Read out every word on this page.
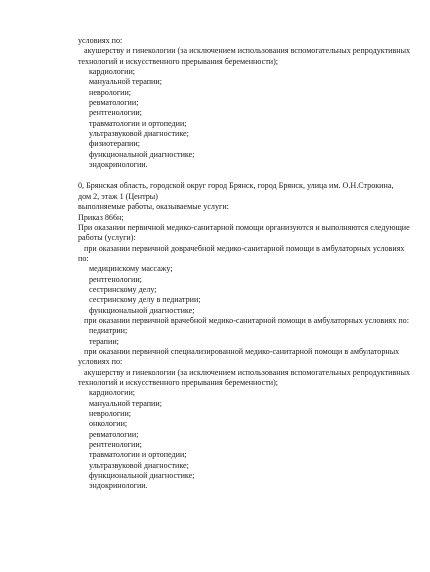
условиях по:
акушерству и гинекологии (за исключением использования вспомогательных репродуктивных
технологий и искусственного прерывания беременности);
кардиологии;
мануальной терапии;
неврологии;
ревматологии;
рентгенологии;
травматологии и ортопедии;
ультразвуковой диагностике;
физиотерапии;
функциональной диагностике;
эндокринологии.
0, Брянская область, городской округ город Брянск, город Брянск, улица им. О.Н.Строкина,
дом 2, этаж 1 (Центры)
выполняемые работы, оказываемые услуги:
Приказ 866н;
При оказании первичной медико-санитарной помощи организуются и выполняются следующие
работы (услуги):
при оказании первичной доврачебной медико-санитарной помощи в амбулаторных условиях
по:
медицинскому массажу;
рентгенологии;
сестринскому делу;
сестринскому делу в педиатрии;
функциональной диагностике;
при оказании первичной врачебной медико-санитарной помощи в амбулаторных условиях по:
педиатрии;
терапии;
при оказании первичной специализированной медико-санитарной помощи в амбулаторных
условиях по:
акушерству и гинекологии (за исключением использования вспомогательных репродуктивных
технологий и искусственного прерывания беременности);
кардиологии;
мануальной терапии;
неврологии;
онкологии;
ревматологии;
рентгенологии;
травматологии и ортопедии;
ультразвуковой диагностике;
функциональной диагностике;
эндокринологии.
